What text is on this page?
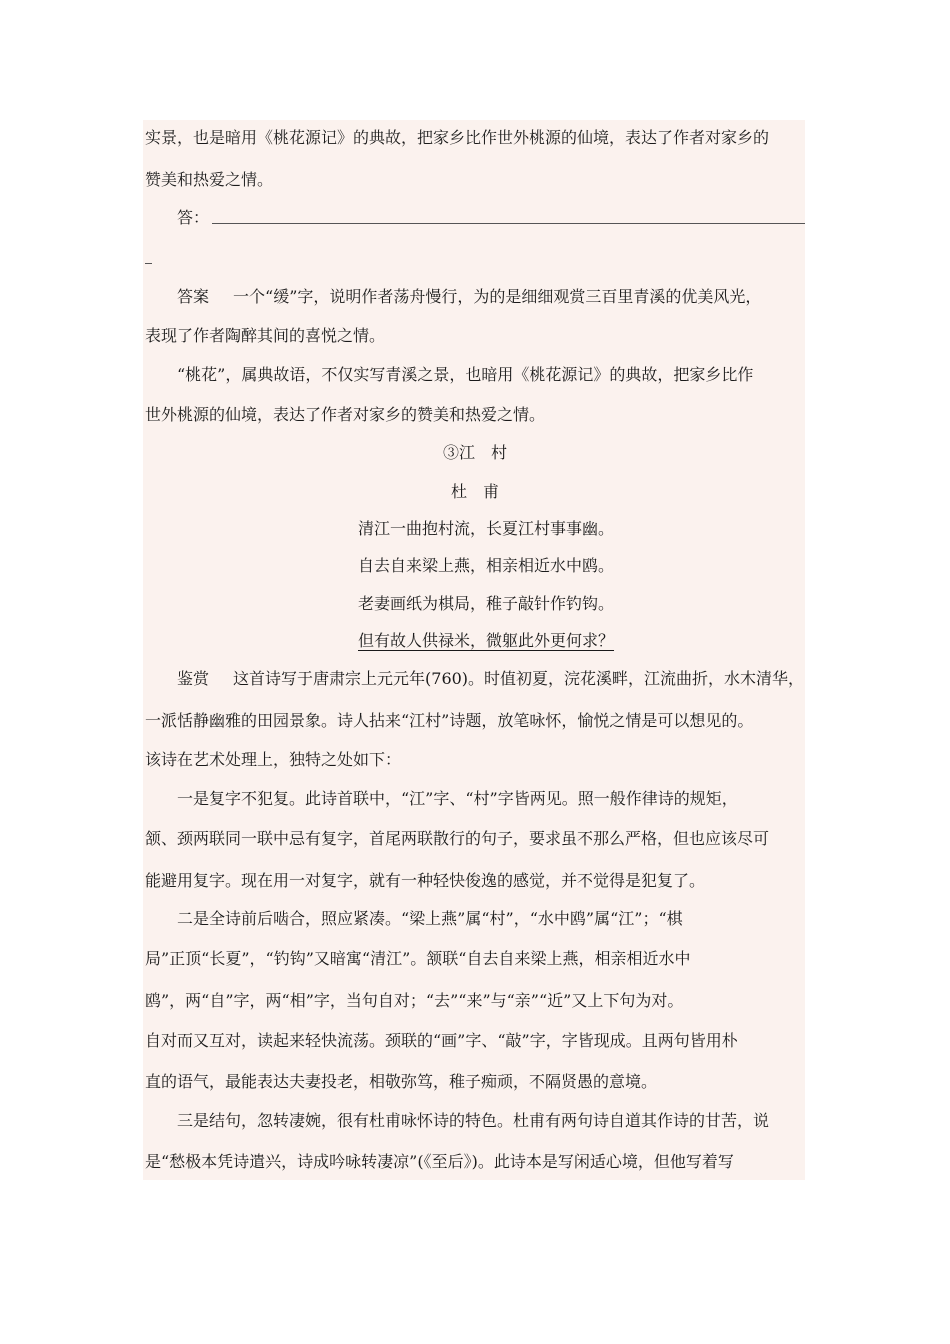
实景，也是暗用《桃花源记》的典故，把家乡比作世外桃源的仙境，表达了作者对家乡的
赞美和热爱之情。
答：
答案 一个“缓”字，说明作者荡舟慢行，为的是细细观赏三百里青溪的优美风光，
表现了作者陶醉其间的喜悦之情。
“桃花”，属典故语，不仅实写青溪之景，也暗用《桃花源记》的典故，把家乡比作
世外桃源的仙境，表达了作者对家乡的赞美和热爱之情。
③江　村
杜　甫
清江一曲抱村流，长夏江村事事幽。
自去自来梁上燕，相亲相近水中鸥。
老妻画纸为棋局，稚子敲针作钓钩。
但有故人供禄米，微躯此外更何求？
鉴赏 这首诗写于唐肃宗上元元年(760)。时值初夏，浣花溪畔，江流曲折，水木清华，
一派恬静幽雅的田园景象。诗人拈来“江村”诗题，放笔咏怀，愉悦之情是可以想见的。
该诗在艺术处理上，独特之处如下：
一是复字不犯复。此诗首联中，“江”字、“村”字皆两见。照一般作律诗的规矩，
颔、颈两联同一联中忌有复字，首尾两联散行的句子，要求虽不那么严格，但也应该尽可
能避用复字。现在用一对复字，就有一种轻快俊逸的感觉，并不觉得是犯复了。
二是全诗前后啮合，照应紧凑。“梁上燕”属“村”，“水中鸥”属“江”；“棋
局”正顶“长夏”，“钓钩”又暗寓“清江”。颔联“自去自来梁上燕，相亲相近水中
鸥”，两“自”字，两“相”字，当句自对；“去”“来”与“亲”“近”又上下句为对。
自对而又互对，读起来轻快流荡。颈联的“画”字、“敲”字，字皆现成。且两句皆用朴
直的语气，最能表达夫妻投老，相敬弥笃，稚子痴顽，不隔贤愚的意境。
三是结句，忽转凄婉，很有杜甫咏怀诗的特色。杜甫有两句诗自道其作诗的甘苦，说
是“愁极本凭诗遣兴，诗成吟咏转凄凉”(《至后》)。此诗本是写闲适心境，但他写着写
